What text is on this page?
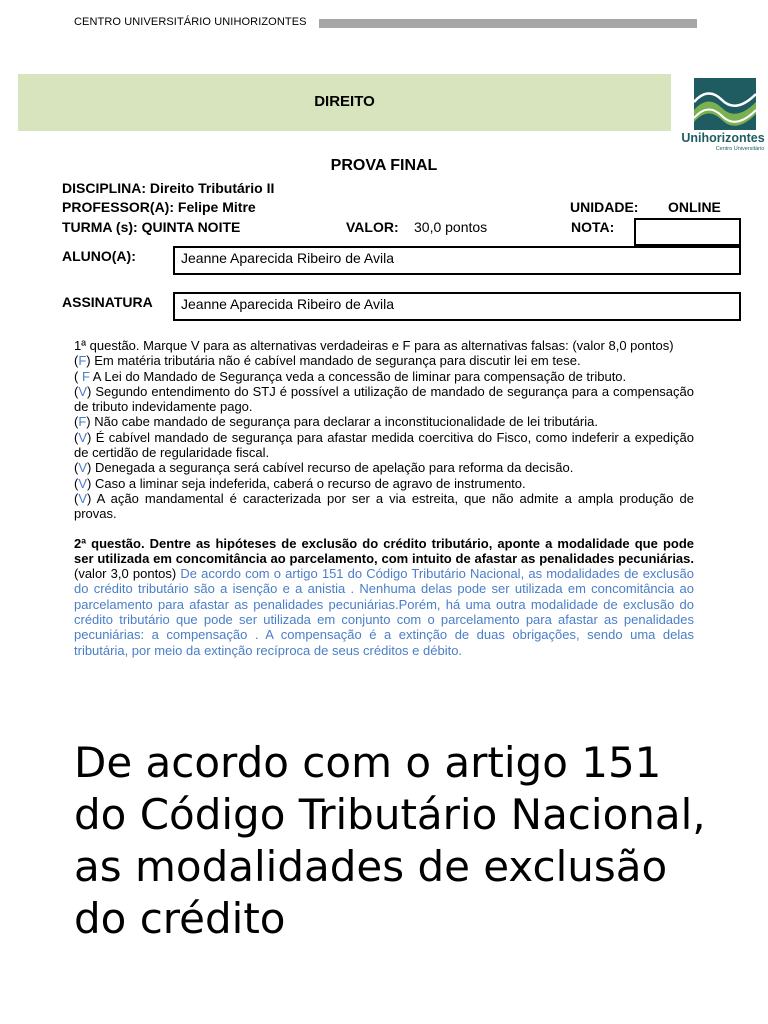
CENTRO UNIVERSITÁRIO UNIHORIZONTES
DIREITO
Unihorizontes
Centro Universitário
PROVA FINAL
DISCIPLINA: Direito Tributário II
PROFESSOR(A): Felipe Mitre	UNIDADE: ONLINE
TURMA (s): QUINTA NOITE	VALOR: 30,0 pontos	NOTA:
ALUNO(A):	Jeanne Aparecida Ribeiro de Avila
ASSINATURA Jeanne Aparecida Ribeiro de Avila

1ª questão. Marque V para as alternativas verdadeiras e F para as alternativas falsas: (valor 8,0 pontos)

(F) Em matéria tributária não é cabível mandado de segurança para discutir lei em tese.

( F A Lei do Mandado de Segurança veda a concessão de liminar para compensação de tributo.

(V) Segundo entendimento do STJ é possível a utilização de mandado de segurança para a compensação de tributo indevidamente pago.

(F) Não cabe mandado de segurança para declarar a inconstitucionalidade de lei tributária.

(V) É cabível mandado de segurança para afastar medida coercitiva do Fisco, como indeferir a expedição de certidão de regularidade fiscal.

(V) Denegada a segurança será cabível recurso de apelação para reforma da decisão.

(V) Caso a liminar seja indeferida, caberá o recurso de agravo de instrumento.

(V) A ação mandamental é caracterizada por ser a via estreita, que não admite a ampla produção de provas.

2ª questão. Dentre as hipóteses de exclusão do crédito tributário, aponte a modalidade que pode ser utilizada em concomitância ao parcelamento, com intuito de afastar as penalidades pecuniárias. (valor 3,0 pontos) De acordo com o artigo 151 do Código Tributário Nacional, as modalidades de exclusão do crédito tributário são a isenção e a anistia . Nenhuma delas pode ser utilizada em concomitância ao parcelamento para afastar as penalidades pecuniárias.Porém, há uma outra modalidade de exclusão do crédito tributário que pode ser utilizada em conjunto com o parcelamento para afastar as penalidades pecuniárias: a compensação . A compensação é a extinção de duas obrigações, sendo uma delas tributária, por meio da extinção recíproca de seus créditos e débito.

De acordo com o artigo 151 do Código Tributário Nacional, as modalidades de exclusão do crédito
